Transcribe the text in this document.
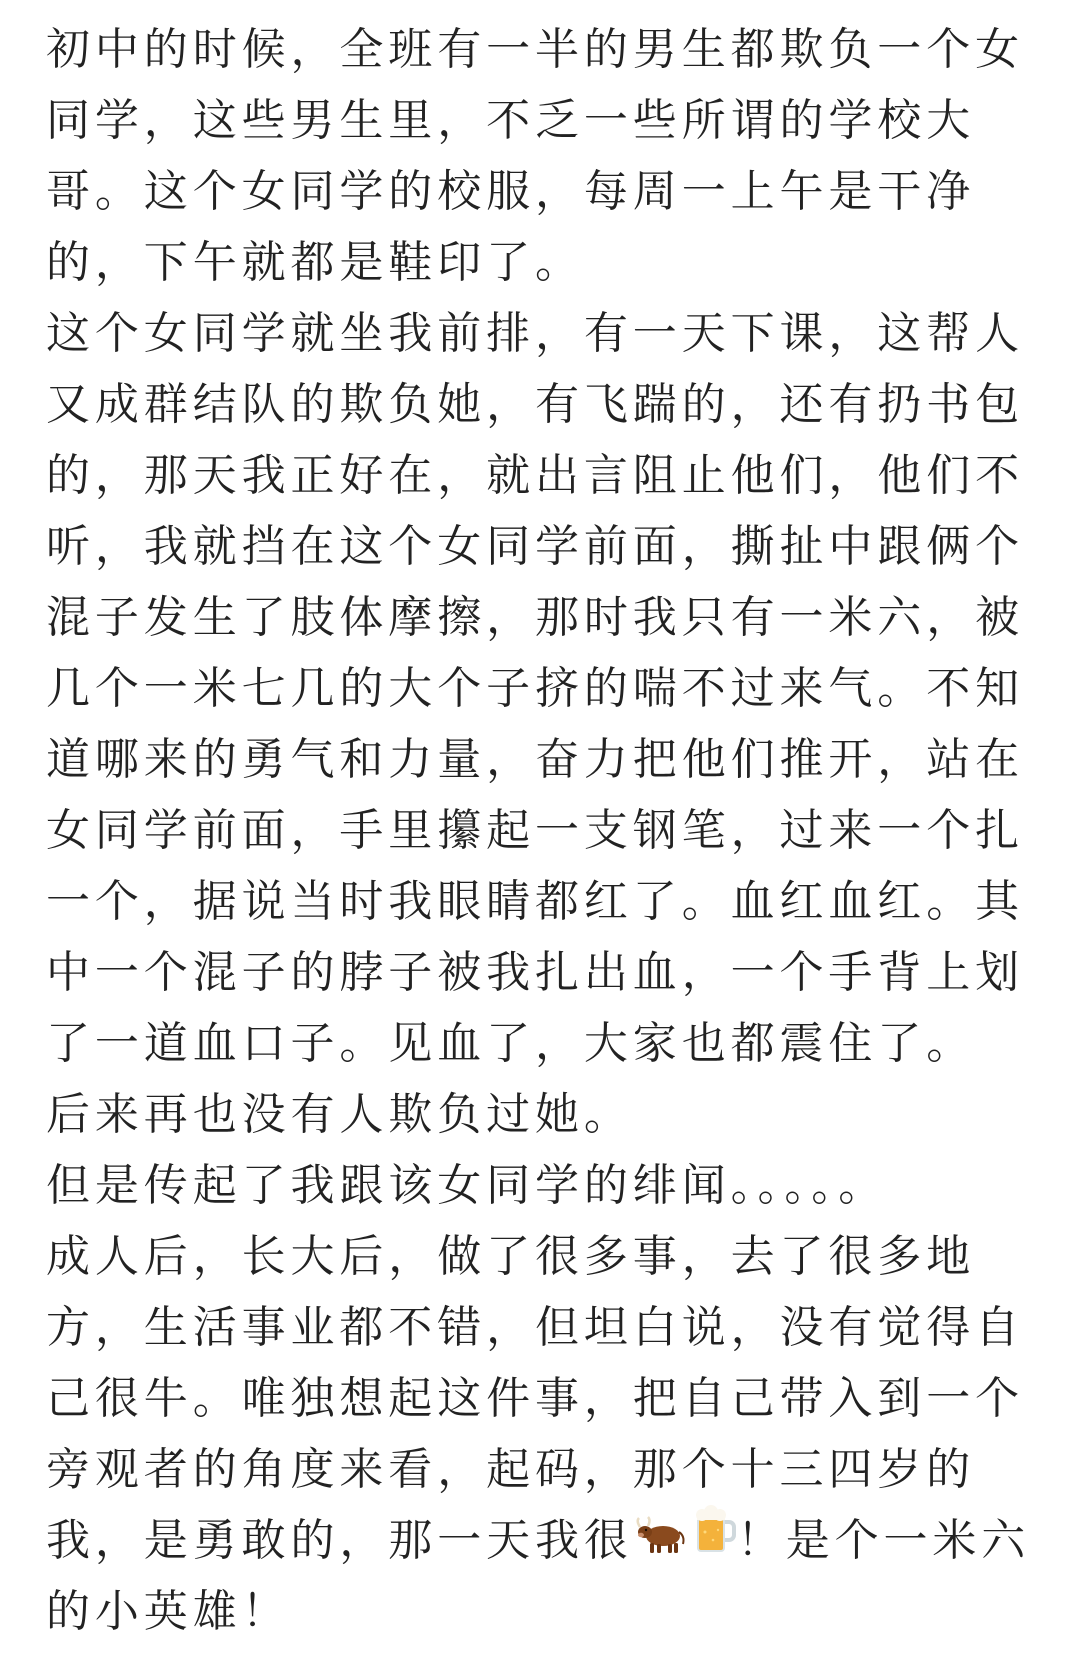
初中的时候，全班有一半的男生都欺负一个女
同学，这些男生里，不乏一些所谓的学校大
哥。这个女同学的校服，每周一上午是干净
的，下午就都是鞋印了。
这个女同学就坐我前排，有一天下课，这帮人
又成群结队的欺负她，有飞踹的，还有扔书包
的，那天我正好在，就出言阻止他们，他们不
听，我就挡在这个女同学前面，撕扯中跟俩个
混子发生了肢体摩擦，那时我只有一米六，被
几个一米七几的大个子挤的喘不过来气。不知
道哪来的勇气和力量，奋力把他们推开，站在
女同学前面，手里攥起一支钢笔，过来一个扎
一个，据说当时我眼睛都红了。血红血红。其
中一个混子的脖子被我扎出血，一个手背上划
了一道血口子。见血了，大家也都震住了。
后来再也没有人欺负过她。
但是传起了我跟该女同学的绯闻。。。。。
成人后，长大后，做了很多事，去了很多地
方，生活事业都不错，但坦白说，没有觉得自
己很牛。唯独想起这件事，把自己带入到一个
旁观者的角度来看，起码，那个十三四岁的
我，是勇敢的，那一天我很 ！是个一米六
的小英雄！
